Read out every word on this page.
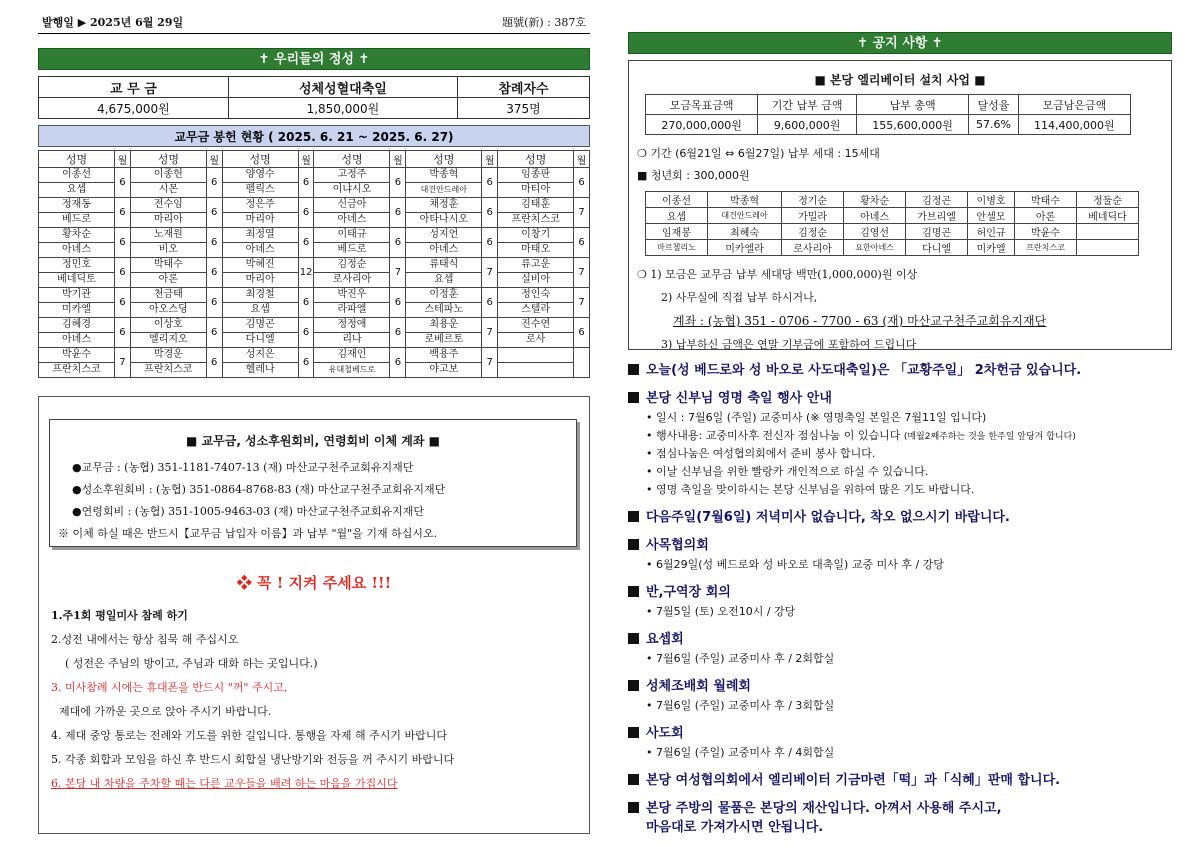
발행일 ▶ 2025년 6월 29일	題號(新) : 387호
✝ 우리들의 정성 ✝
교 무 금	성체성혈대축일	참례자수
4,675,000원	1,850,000원	375명
교무금 봉헌 현황 ( 2025. 6. 21 ~ 2025. 6. 27)
성명	월	성명	월	성명	월	성명	월	성명	월	성명	월
이종선	6	이종헌	6	양영수	6	고정주	6	박종혁	6	임종판	6
요셉		시몬		펠릭스		이냐시오		대건안드레아		마티아	
정재동	6	전수임	6	정은주	6	신금아	6	채정훈	6	김태훈	7
베드로		마리아		마리아		아녜스		아타나시오		프란치스코	
황차순	6	노재원	6	최정열	6	이태규	6	성지언	6	이창기	6
아녜스		비오		아녜스		베드로		아녜스		마태오	
정민호	6	박태수	6	박혜진	12	김정순	7	류태식	7	류고운	7
베네딕토		아론		마리아		로사리아		요셉		실비아	
박기관	6	천금태	6	최경철	6	박진우	6	이정훈	6	정인숙	7
미카엘		아오스딩		요셉		라파엘		스테파노		스텔라	
김혜경	6	이상호	6	김명곤	6	정정애	6	최용운	7	진수연	6
아녜스		엘리지오		다니엘		리나		로베르토		로사	
박윤수	7	박경운	6	성지은	6	김재인	6	백용주	7		
프란치스코		프란치스코		헬레나		유대철베드로		야고보			
■ 교무금, 성소후원회비, 연령회비 이체 계좌 ■
●교무금 : (농협) 351-1181-7407-13 (재) 마산교구천주교회유지재단
●성소후원회비 : (농협) 351-0864-8768-83 (재) 마산교구천주교회유지재단
●연령회비 : (농협) 351-1005-9463-03 (재) 마산교구천주교회유지재단
※ 이체 하실 때은 반드시【교무금 납입자 이름】과 납부 "월"을 기재 하십시오.
❖ 꼭 ! 지켜 주세요 !!!

1.주1회 평일미사 참례 하기

2.성전 내에서는 항상 침묵 해 주십시오

( 성전은 주님의 방이고, 주님과 대화 하는 곳입니다.)

3. 미사참례 시에는 휴대폰을 반드시 "꺼" 주시고,

제대에 가까운 곳으로 앉아 주시기 바랍니다.

4. 제대 중앙 통로는 전례와 기도를 위한 길입니다. 통행을 자제 해 주시기 바랍니다

5. 각종 회합과 모임을 하신 후 반드시 회합실 냉난방기와 전등을 꺼 주시기 바랍니다

6. 본당 내 차량을 주차할 때는 다른 교우들을 배려 하는 마음을 가집시다

✝ 공지 사항 ✝
■ 본당 엘리베이터 설치 사업 ■
모금목표금액	기간 납부 금액	납부 총액	달성율	모금남은금액
270,000,000원	9,600,000원	155,600,000원	57.6%	114,400,000원
❍ 기간 (6월21일 ⇔ 6월27일) 납부 세대 : 15세대
■ 청년회 : 300,000원
이종선	박종혁	정기순	황차순	김정곤	이병호	박태수	정둘순
요셉	대건안드레아	가밀라	아녜스	가브리엘	안셀모	아론	베네딕다
임재봉	최혜숙	김정순	김영선	김명곤	허인규	박윤수	
마르첼리노	미카엘라	로사리아	요한아녜스	다니엘	미카엘	프란치스코	
❍ 1) 모금은 교무금 납부 세대당 백만(1,000,000)원 이상
2) 사무실에 직접 납부 하시거나,
계좌 : (농협) 351 - 0706 - 7700 - 63 (재) 마산교구천주교회유지재단
3) 납부하신 금액은 연말 기부금에 포함하여 드립니다
오늘(성 베드로와 성 바오로 사도대축일)은 「교황주일」 2차헌금 있습니다.
본당 신부님 영명 축일 행사 안내
• 일시 : 7월6일 (주일) 교중미사 (※ 영명축일 본일은 7월11일 입니다)
• 행사내용: 교중미사후 전신자 점심나눔 이 있습니다 (매월2째주하는 것을 한주일 앞당겨 합니다)
• 점심나눔은 여성협의회에서 준비 봉사 합니다.
• 이날 신부님을 위한 빨랑카 개인적으로 하실 수 있습니다.
• 영명 축일을 맞이하시는 본당 신부님을 위하여 많은 기도 바랍니다.
다음주일(7월6일) 저녁미사 없습니다, 착오 없으시기 바랍니다.
사목협의회
• 6월29일(성 베드로와 성 바오로 대축일) 교중 미사 후 / 강당
반,구역장 회의
• 7월5일 (토) 오전10시 / 강당
요셉회
• 7월6일 (주일) 교중미사 후 / 2회합실
성체조배회 월례회
• 7월6일 (주일) 교중미사 후 / 3회합실
사도회
• 7월6일 (주일) 교중미사 후 / 4회합실
본당 여성협의회에서 엘리베이터 기금마련「떡」과「식혜」판매 합니다.
본당 주방의 물품은 본당의 재산입니다. 아껴서 사용해 주시고,
마음대로 가져가시면 안됩니다.
